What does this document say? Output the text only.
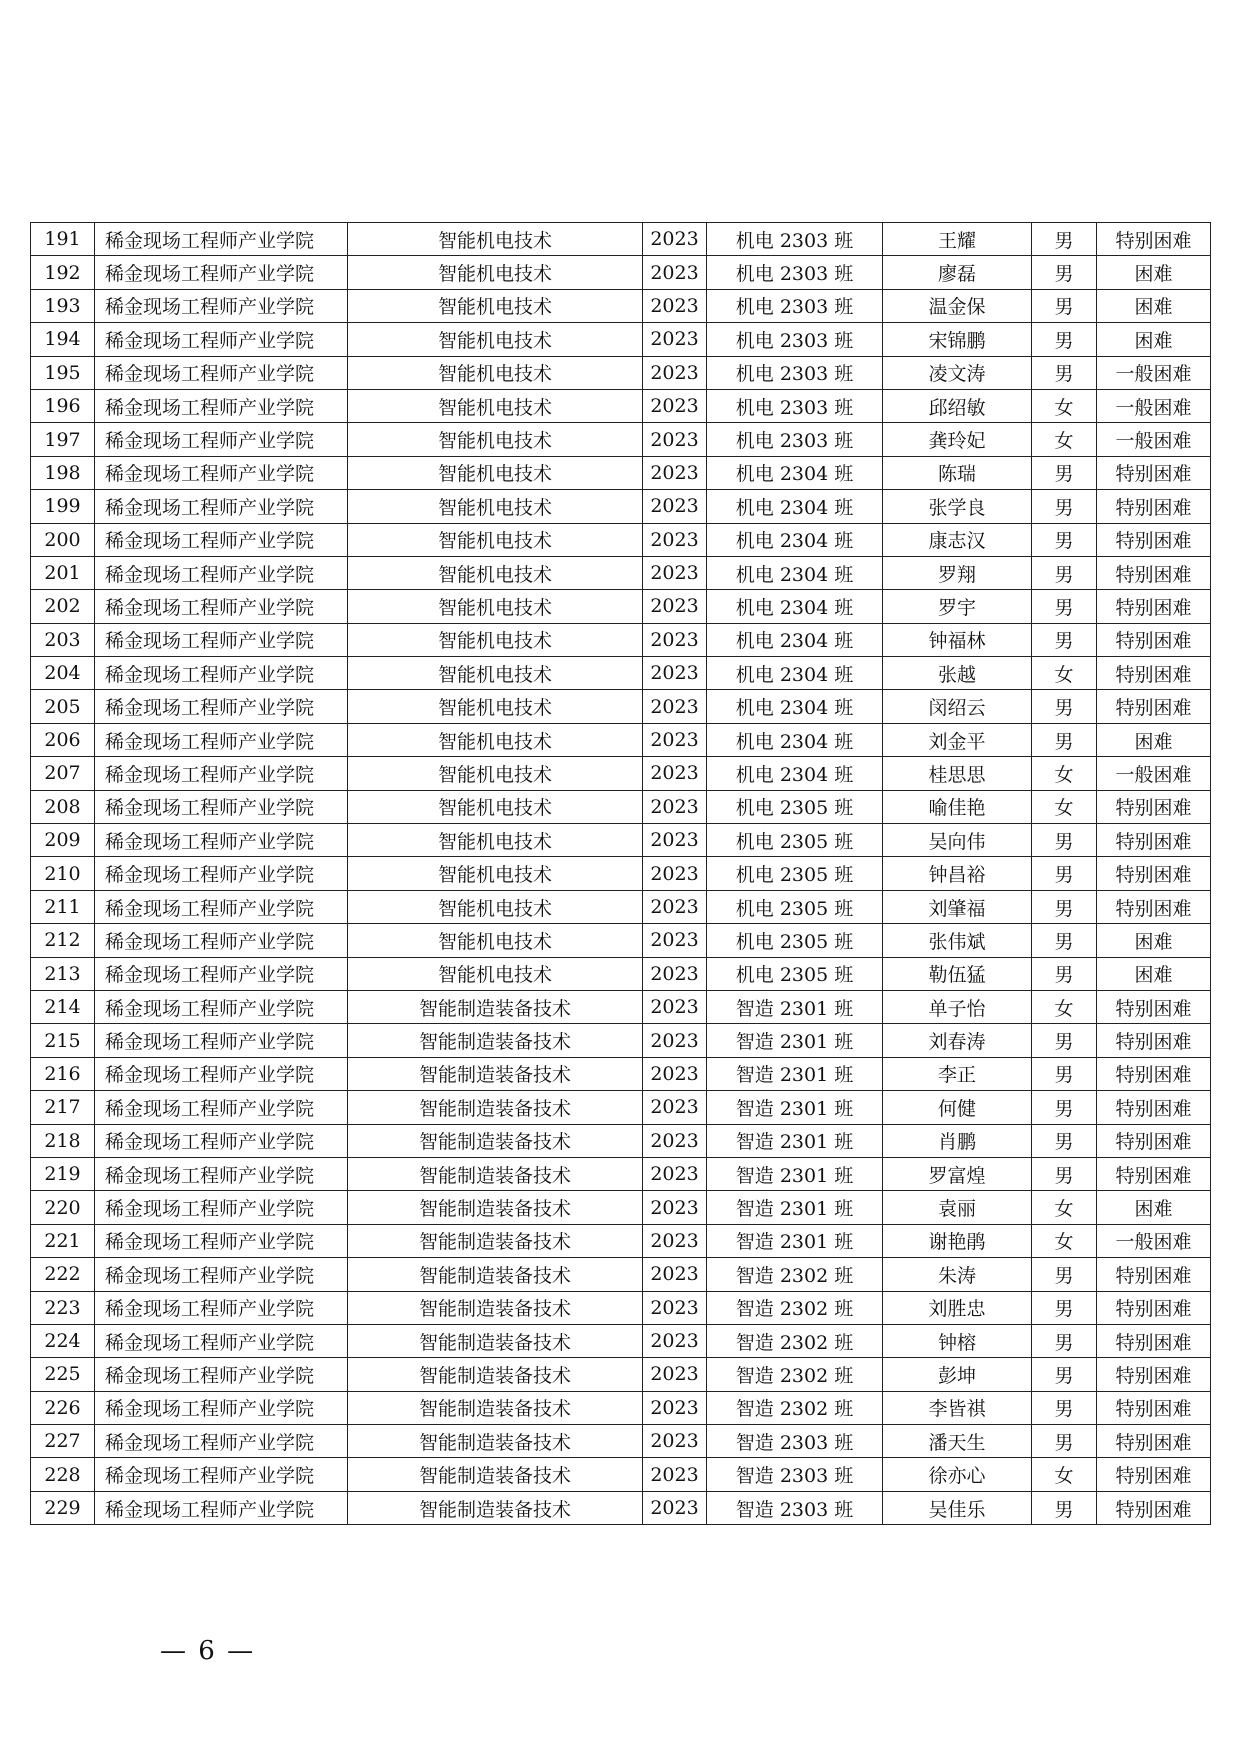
191	稀金现场工程师产业学院	智能机电技术	2023	机电 2303 班	王耀	男	特别困难
192	稀金现场工程师产业学院	智能机电技术	2023	机电 2303 班	廖磊	男	困难
193	稀金现场工程师产业学院	智能机电技术	2023	机电 2303 班	温金保	男	困难
194	稀金现场工程师产业学院	智能机电技术	2023	机电 2303 班	宋锦鹏	男	困难
195	稀金现场工程师产业学院	智能机电技术	2023	机电 2303 班	凌文涛	男	一般困难
196	稀金现场工程师产业学院	智能机电技术	2023	机电 2303 班	邱绍敏	女	一般困难
197	稀金现场工程师产业学院	智能机电技术	2023	机电 2303 班	龚玲妃	女	一般困难
198	稀金现场工程师产业学院	智能机电技术	2023	机电 2304 班	陈瑞	男	特别困难
199	稀金现场工程师产业学院	智能机电技术	2023	机电 2304 班	张学良	男	特别困难
200	稀金现场工程师产业学院	智能机电技术	2023	机电 2304 班	康志汉	男	特别困难
201	稀金现场工程师产业学院	智能机电技术	2023	机电 2304 班	罗翔	男	特别困难
202	稀金现场工程师产业学院	智能机电技术	2023	机电 2304 班	罗宇	男	特别困难
203	稀金现场工程师产业学院	智能机电技术	2023	机电 2304 班	钟福林	男	特别困难
204	稀金现场工程师产业学院	智能机电技术	2023	机电 2304 班	张越	女	特别困难
205	稀金现场工程师产业学院	智能机电技术	2023	机电 2304 班	闵绍云	男	特别困难
206	稀金现场工程师产业学院	智能机电技术	2023	机电 2304 班	刘金平	男	困难
207	稀金现场工程师产业学院	智能机电技术	2023	机电 2304 班	桂思思	女	一般困难
208	稀金现场工程师产业学院	智能机电技术	2023	机电 2305 班	喻佳艳	女	特别困难
209	稀金现场工程师产业学院	智能机电技术	2023	机电 2305 班	吴向伟	男	特别困难
210	稀金现场工程师产业学院	智能机电技术	2023	机电 2305 班	钟昌裕	男	特别困难
211	稀金现场工程师产业学院	智能机电技术	2023	机电 2305 班	刘肇福	男	特别困难
212	稀金现场工程师产业学院	智能机电技术	2023	机电 2305 班	张伟斌	男	困难
213	稀金现场工程师产业学院	智能机电技术	2023	机电 2305 班	勒伍猛	男	困难
214	稀金现场工程师产业学院	智能制造装备技术	2023	智造 2301 班	单子怡	女	特别困难
215	稀金现场工程师产业学院	智能制造装备技术	2023	智造 2301 班	刘春涛	男	特别困难
216	稀金现场工程师产业学院	智能制造装备技术	2023	智造 2301 班	李正	男	特别困难
217	稀金现场工程师产业学院	智能制造装备技术	2023	智造 2301 班	何健	男	特别困难
218	稀金现场工程师产业学院	智能制造装备技术	2023	智造 2301 班	肖鹏	男	特别困难
219	稀金现场工程师产业学院	智能制造装备技术	2023	智造 2301 班	罗富煌	男	特别困难
220	稀金现场工程师产业学院	智能制造装备技术	2023	智造 2301 班	袁丽	女	困难
221	稀金现场工程师产业学院	智能制造装备技术	2023	智造 2301 班	谢艳鹃	女	一般困难
222	稀金现场工程师产业学院	智能制造装备技术	2023	智造 2302 班	朱涛	男	特别困难
223	稀金现场工程师产业学院	智能制造装备技术	2023	智造 2302 班	刘胜忠	男	特别困难
224	稀金现场工程师产业学院	智能制造装备技术	2023	智造 2302 班	钟榕	男	特别困难
225	稀金现场工程师产业学院	智能制造装备技术	2023	智造 2302 班	彭坤	男	特别困难
226	稀金现场工程师产业学院	智能制造装备技术	2023	智造 2302 班	李皆祺	男	特别困难
227	稀金现场工程师产业学院	智能制造装备技术	2023	智造 2303 班	潘天生	男	特别困难
228	稀金现场工程师产业学院	智能制造装备技术	2023	智造 2303 班	徐亦心	女	特别困难
229	稀金现场工程师产业学院	智能制造装备技术	2023	智造 2303 班	吴佳乐	男	特别困难
— 6 —
